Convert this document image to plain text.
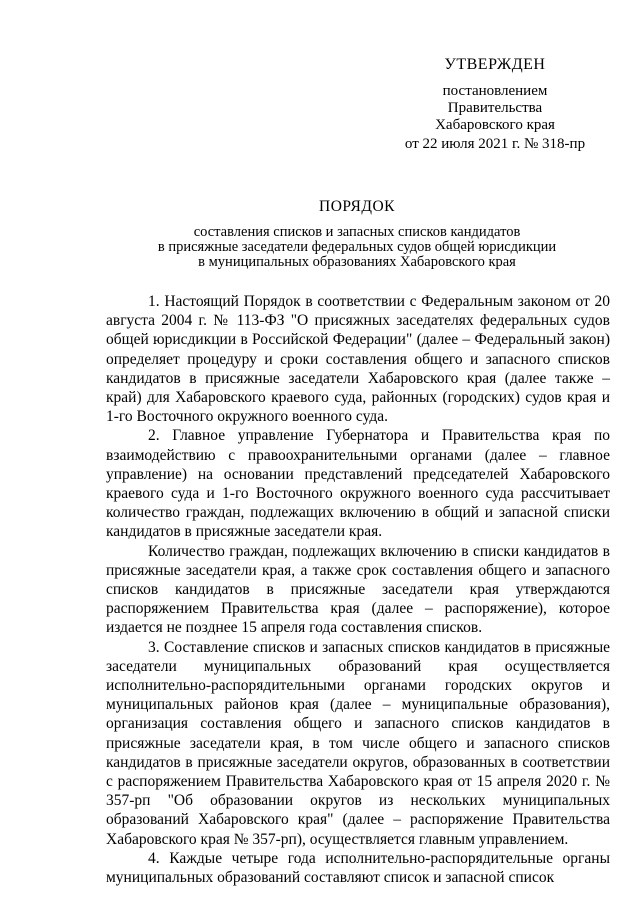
УТВЕРЖДЕН
постановлением
Правительства
Хабаровского края
от 22 июля 2021 г. № 318-пр
ПОРЯДОК
составления списков и запасных списков кандидатов
в присяжные заседатели федеральных судов общей юрисдикции
в муниципальных образованиях Хабаровского края

1. Настоящий Порядок в соответствии с Федеральным законом от 20 августа 2004 г. № 113-ФЗ "О присяжных заседателях федеральных судов общей юрисдикции в Российской Федерации" (далее – Федеральный закон) определяет процедуру и сроки составления общего и запасного списков кандидатов в присяжные заседатели Хабаровского края (далее также – край) для Хабаровского краевого суда, районных (городских) судов края и 1-го Восточного окружного военного суда.

2. Главное управление Губернатора и Правительства края по взаимодействию с правоохранительными органами (далее – главное управление) на основании представлений председателей Хабаровского краевого суда и 1-го Восточного окружного военного суда рассчитывает количество граждан, подлежащих включению в общий и запасной списки кандидатов в присяжные заседатели края.

Количество граждан, подлежащих включению в списки кандидатов в присяжные заседатели края, а также срок составления общего и запасного списков кандидатов в присяжные заседатели края утверждаются распоряжением Правительства края (далее – распоряжение), которое издается не позднее 15 апреля года составления списков.

3. Составление списков и запасных списков кандидатов в присяжные заседатели муниципальных образований края осуществляется исполнительно-распорядительными органами городских округов и муниципальных районов края (далее – муниципальные образования), организация составления общего и запасного списков кандидатов в присяжные заседатели края, в том числе общего и запасного списков кандидатов в присяжные заседатели округов, образованных в соответствии с распоряжением Правительства Хабаровского края от 15 апреля 2020 г. № 357-рп "Об образовании округов из нескольких муниципальных образований Хабаровского края" (далее – распоряжение Правительства Хабаровского края № 357-рп), осуществляется главным управлением.

4. Каждые четыре года исполнительно-распорядительные органы муниципальных образований составляют список и запасной список
